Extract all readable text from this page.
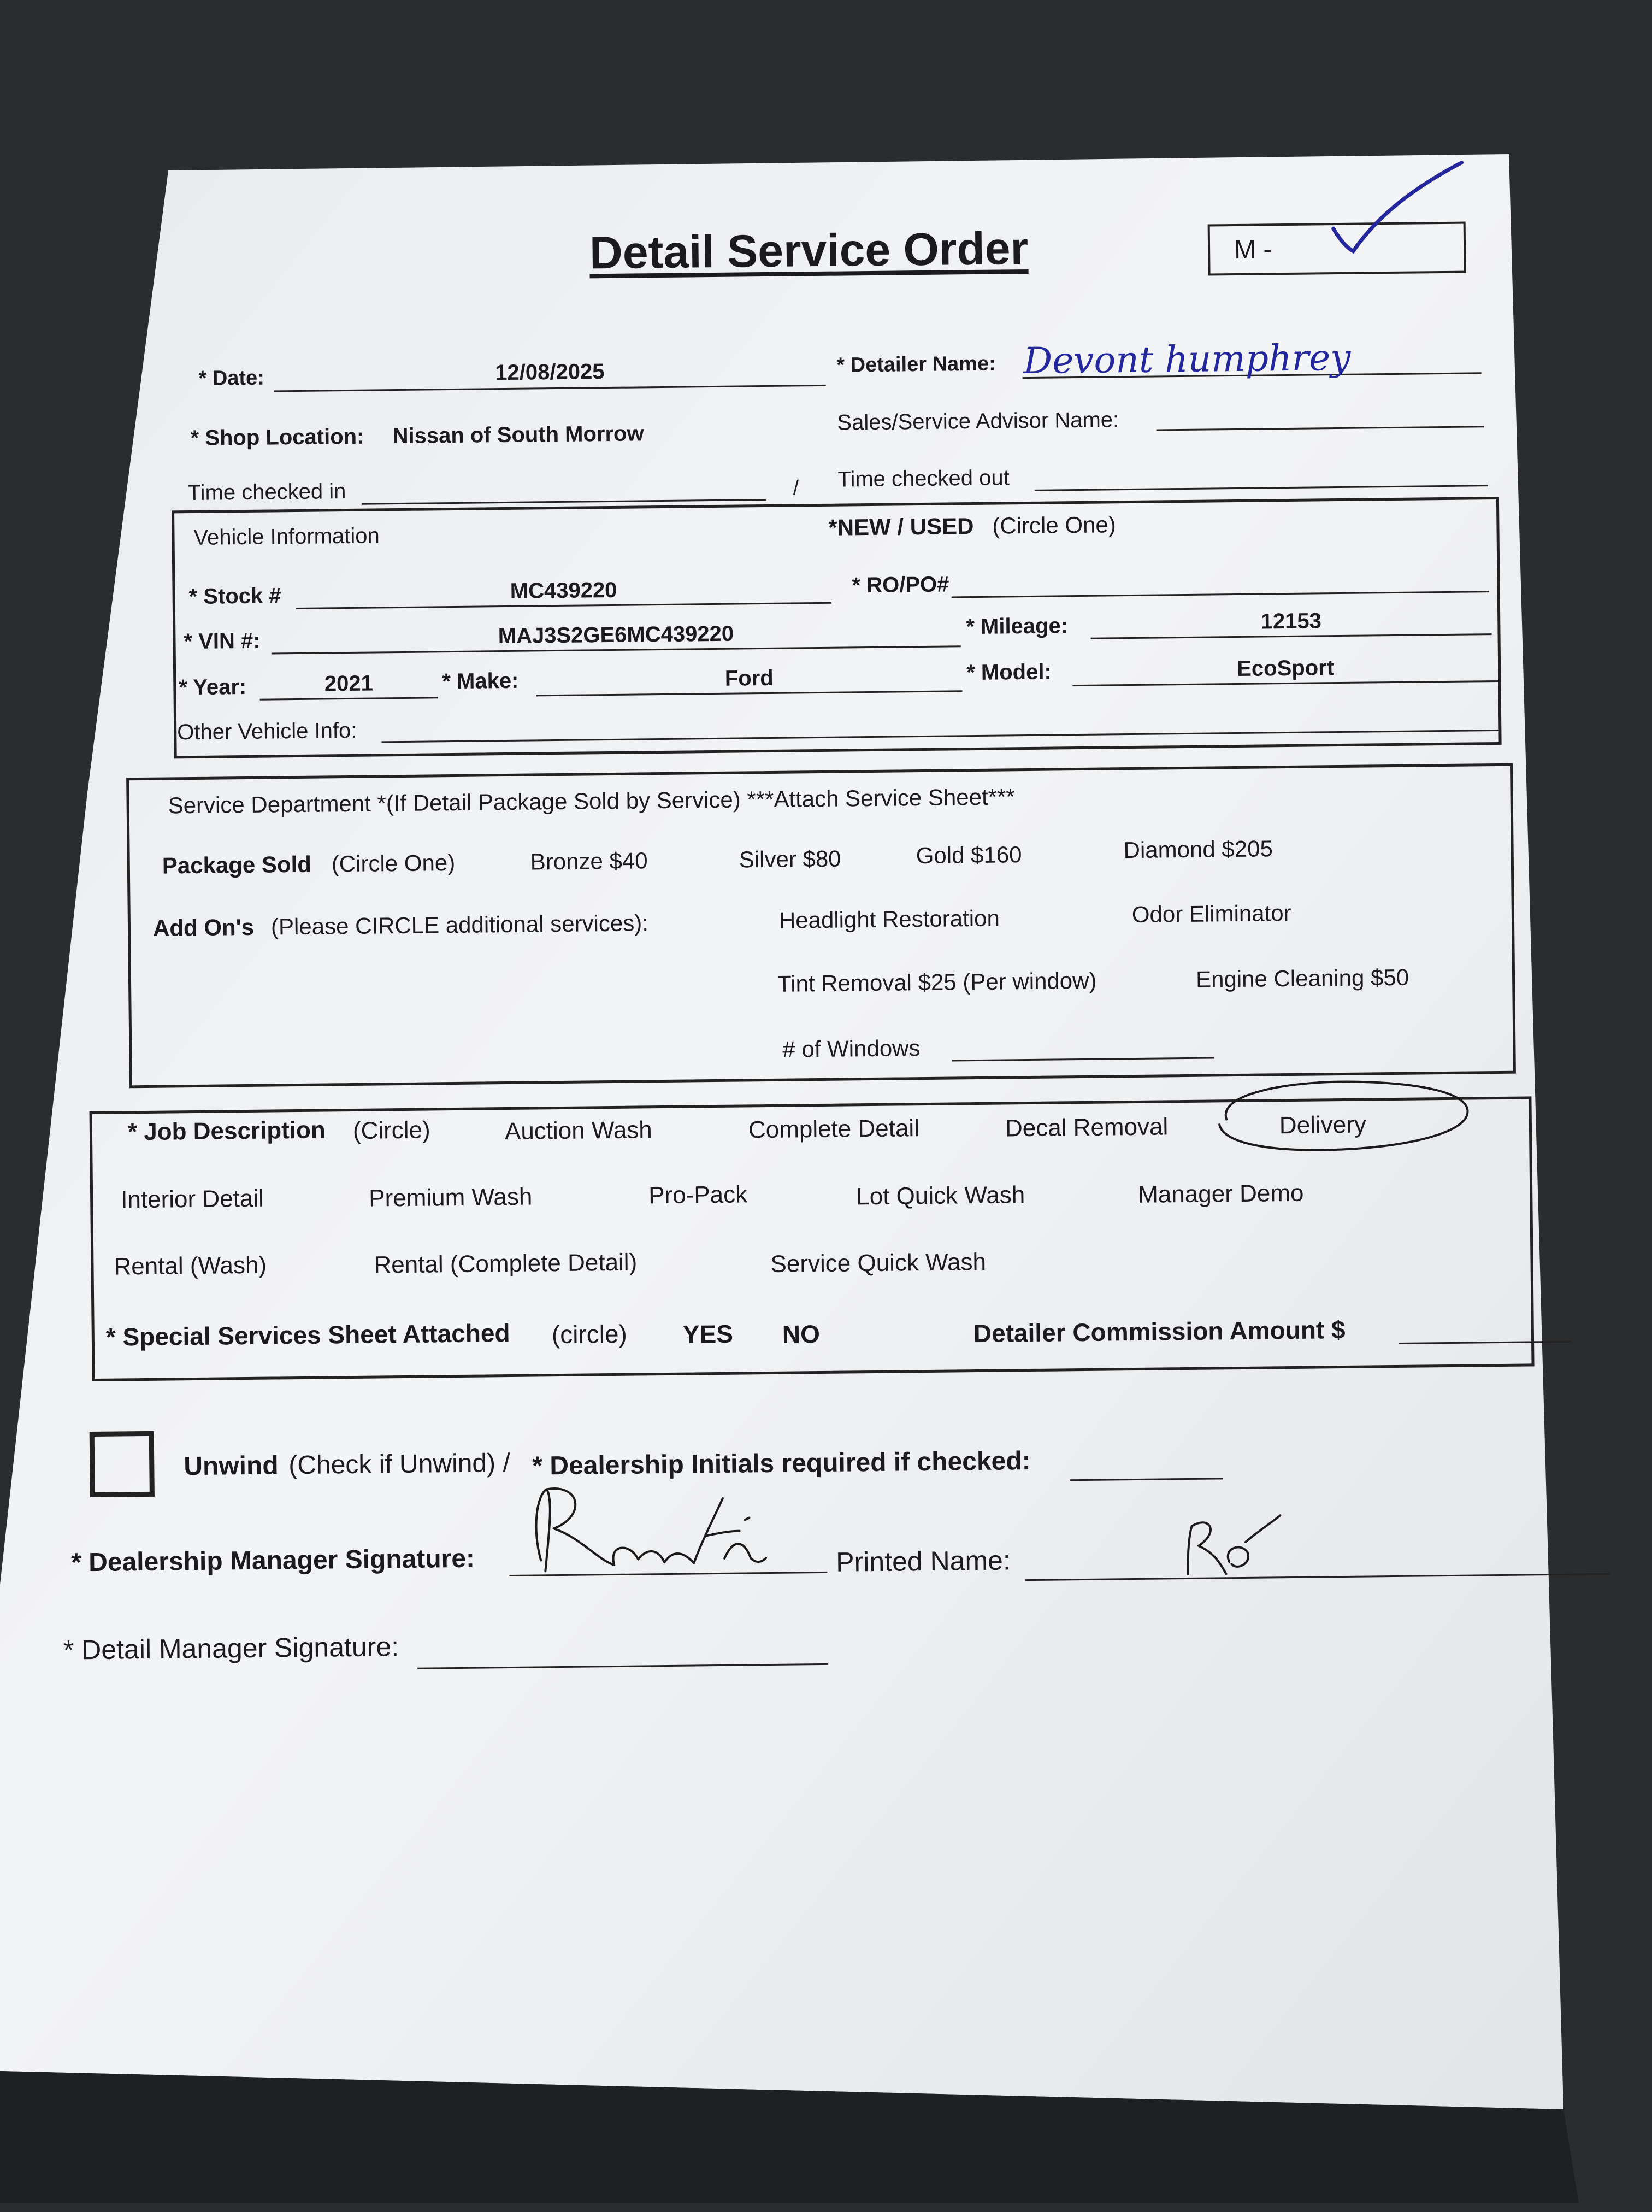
Detail Service Order	M -
* Date:	12/08/2025	* Detailer Name: Devont humphrey
* Shop Location: Nissan of South Morrow
Sales/Service Advisor Name:
Time checked in	/ Time checked out
Vehicle Information	*NEW / USED (Circle One)
* Stock #	MC439220	* RO/PO#
* VIN #:	MAJ3S2GE6MC439220	* Mileage:	12153
* Year:	2021	* Make:	Ford	* Model:	EcoSport
Other Vehicle Info:
Service Department *(If Detail Package Sold by Service) ***Attach Service Sheet***
Package Sold (Circle One)	Bronze $40	Silver $80	Gold $160	Diamond $205
Add On's (Please CIRCLE additional services):	Headlight Restoration	Odor Eliminator
Tint Removal $25 (Per window)	Engine Cleaning $50
# of Windows
* Job Description (Circle)	Auction Wash	Complete Detail	Decal Removal	Delivery
Interior Detail	Premium Wash	Pro-Pack	Lot Quick Wash	Manager Demo
Rental (Wash)	Rental (Complete Detail)	Service Quick Wash
* Special Services Sheet Attached (circle) YES NO	Detailer Commission Amount $
Unwind (Check if Unwind) / * Dealership Initials required if checked:
* Dealership Manager Signature:	Printed Name:
* Detail Manager Signature:
